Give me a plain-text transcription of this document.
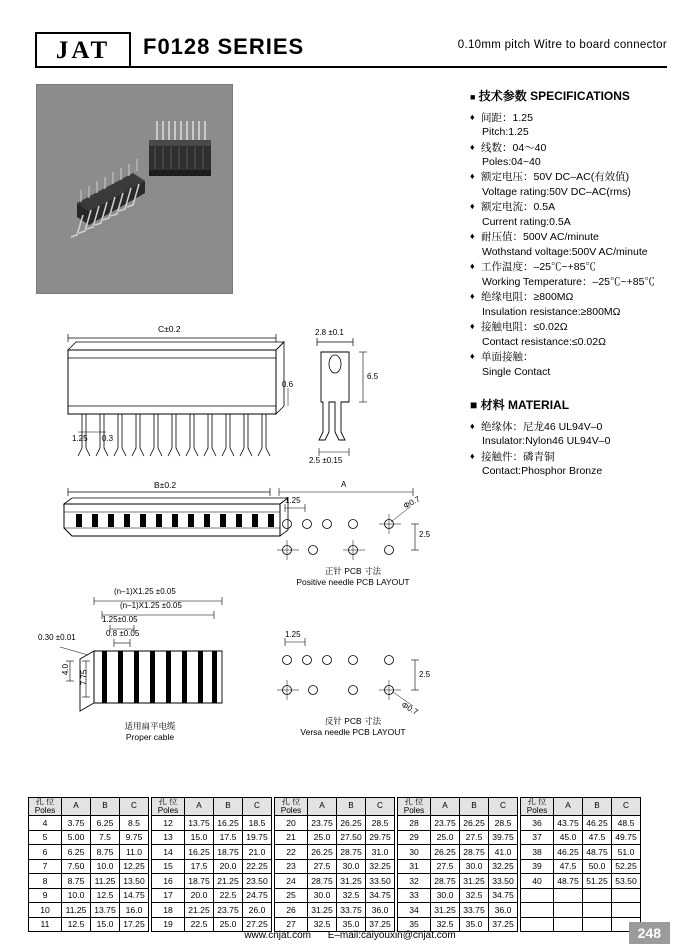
JAT F0128 SERIES	0.10mm pitch Witre to board connector
■ 技术参数 SPECIFICATIONS
♦ 间距：1.25
Pitch:1.25
♦ 线数：04～40
Poles:04~40
♦ 额定电压：50V DC–AC(有效值)
Voltage rating:50V DC–AC(rms)
♦ 额定电流：0.5A
Current rating:0.5A
♦ 耐压值：500V AC/minute
Wothstand voltage:500V AC/minute
♦ 工作温度：–25℃~+85℃
Working Temperature：–25℃~+85℃
♦ 绝缘电阻：≥800MΩ
Insulation resistance:≥800MΩ
♦ 接触电阻：≤0.02Ω
Contact resistance:≤0.02Ω
♦ 单面接触：
Single Contact
■ 材料 MATERIAL
♦ 绝缘体：尼龙46 UL94V–0
Insulator:Nylon46 UL94V–0
♦ 接触件：磷青铜
Contact:Phosphor Bronze
C±0.2
0.6
1.25 0.3
2.8 ±0.1
6.5
2.5 ±0.15
B±0.2	A
1.25
2.5
Φ0.7
正针 PCB 寸法
Positive needle PCB LAYOUT
1.25
2.5
Φ0.7
反针 PCB 寸法
Versa needle PCB LAYOUT
(n–1)X1.25 ±0.05
(n–1)X1.25 ±0.05
1.25±0.05
0.8 ±0.05
0.30 ±0.01
4.0
7.75
适用扁平电缆
Proper cable
孔 位
Poles	A	B	C
4	3.75	6.25	8.5
5	5.00	7.5	9.75
6	6.25	8.75	11.0
7	7.50	10.0	12.25
8	8.75	11.25	13.50
9	10.0	12.5	14.75
10	11.25	13.75	16.0
11	12.5	15.0	17.25
孔 位
Poles	A	B	C
12	13.75	16.25	18.5
13	15.0	17.5	19.75
14	16.25	18.75	21.0
15	17.5	20.0	22.25
16	18.75	21.25	23.50
17	20.0	22.5	24.75
18	21.25	23.75	26.0
19	22.5	25.0	27.25
孔 位
Poles	A	B	C
20	23.75	26.25	28.5
21	25.0	27.50	29.75
22	26.25	28.75	31.0
23	27.5	30.0	32.25
24	28.75	31.25	33.50
25	30.0	32.5	34.75
26	31.25	33.75	36.0
27	32.5	35.0	37.25
孔 位
Poles	A	B	C
28	23.75	26.25	28.5
29	25.0	27.5	39.75
30	26.25	28.75	41.0
31	27.5	30.0	32.25
32	28.75	31.25	33.50
33	30.0	32.5	34.75
34	31.25	33.75	36.0
35	32.5	35.0	37.25
孔 位
Poles	A	B	C
36	43.75	46.25	48.5
37	45.0	47.5	49.75
38	46.25	48.75	51.0
39	47.5	50.0	52.25
40	48.75	51.25	53.50

www.cnjat.com E–mail:caiyouxin@cnjat.com	248
